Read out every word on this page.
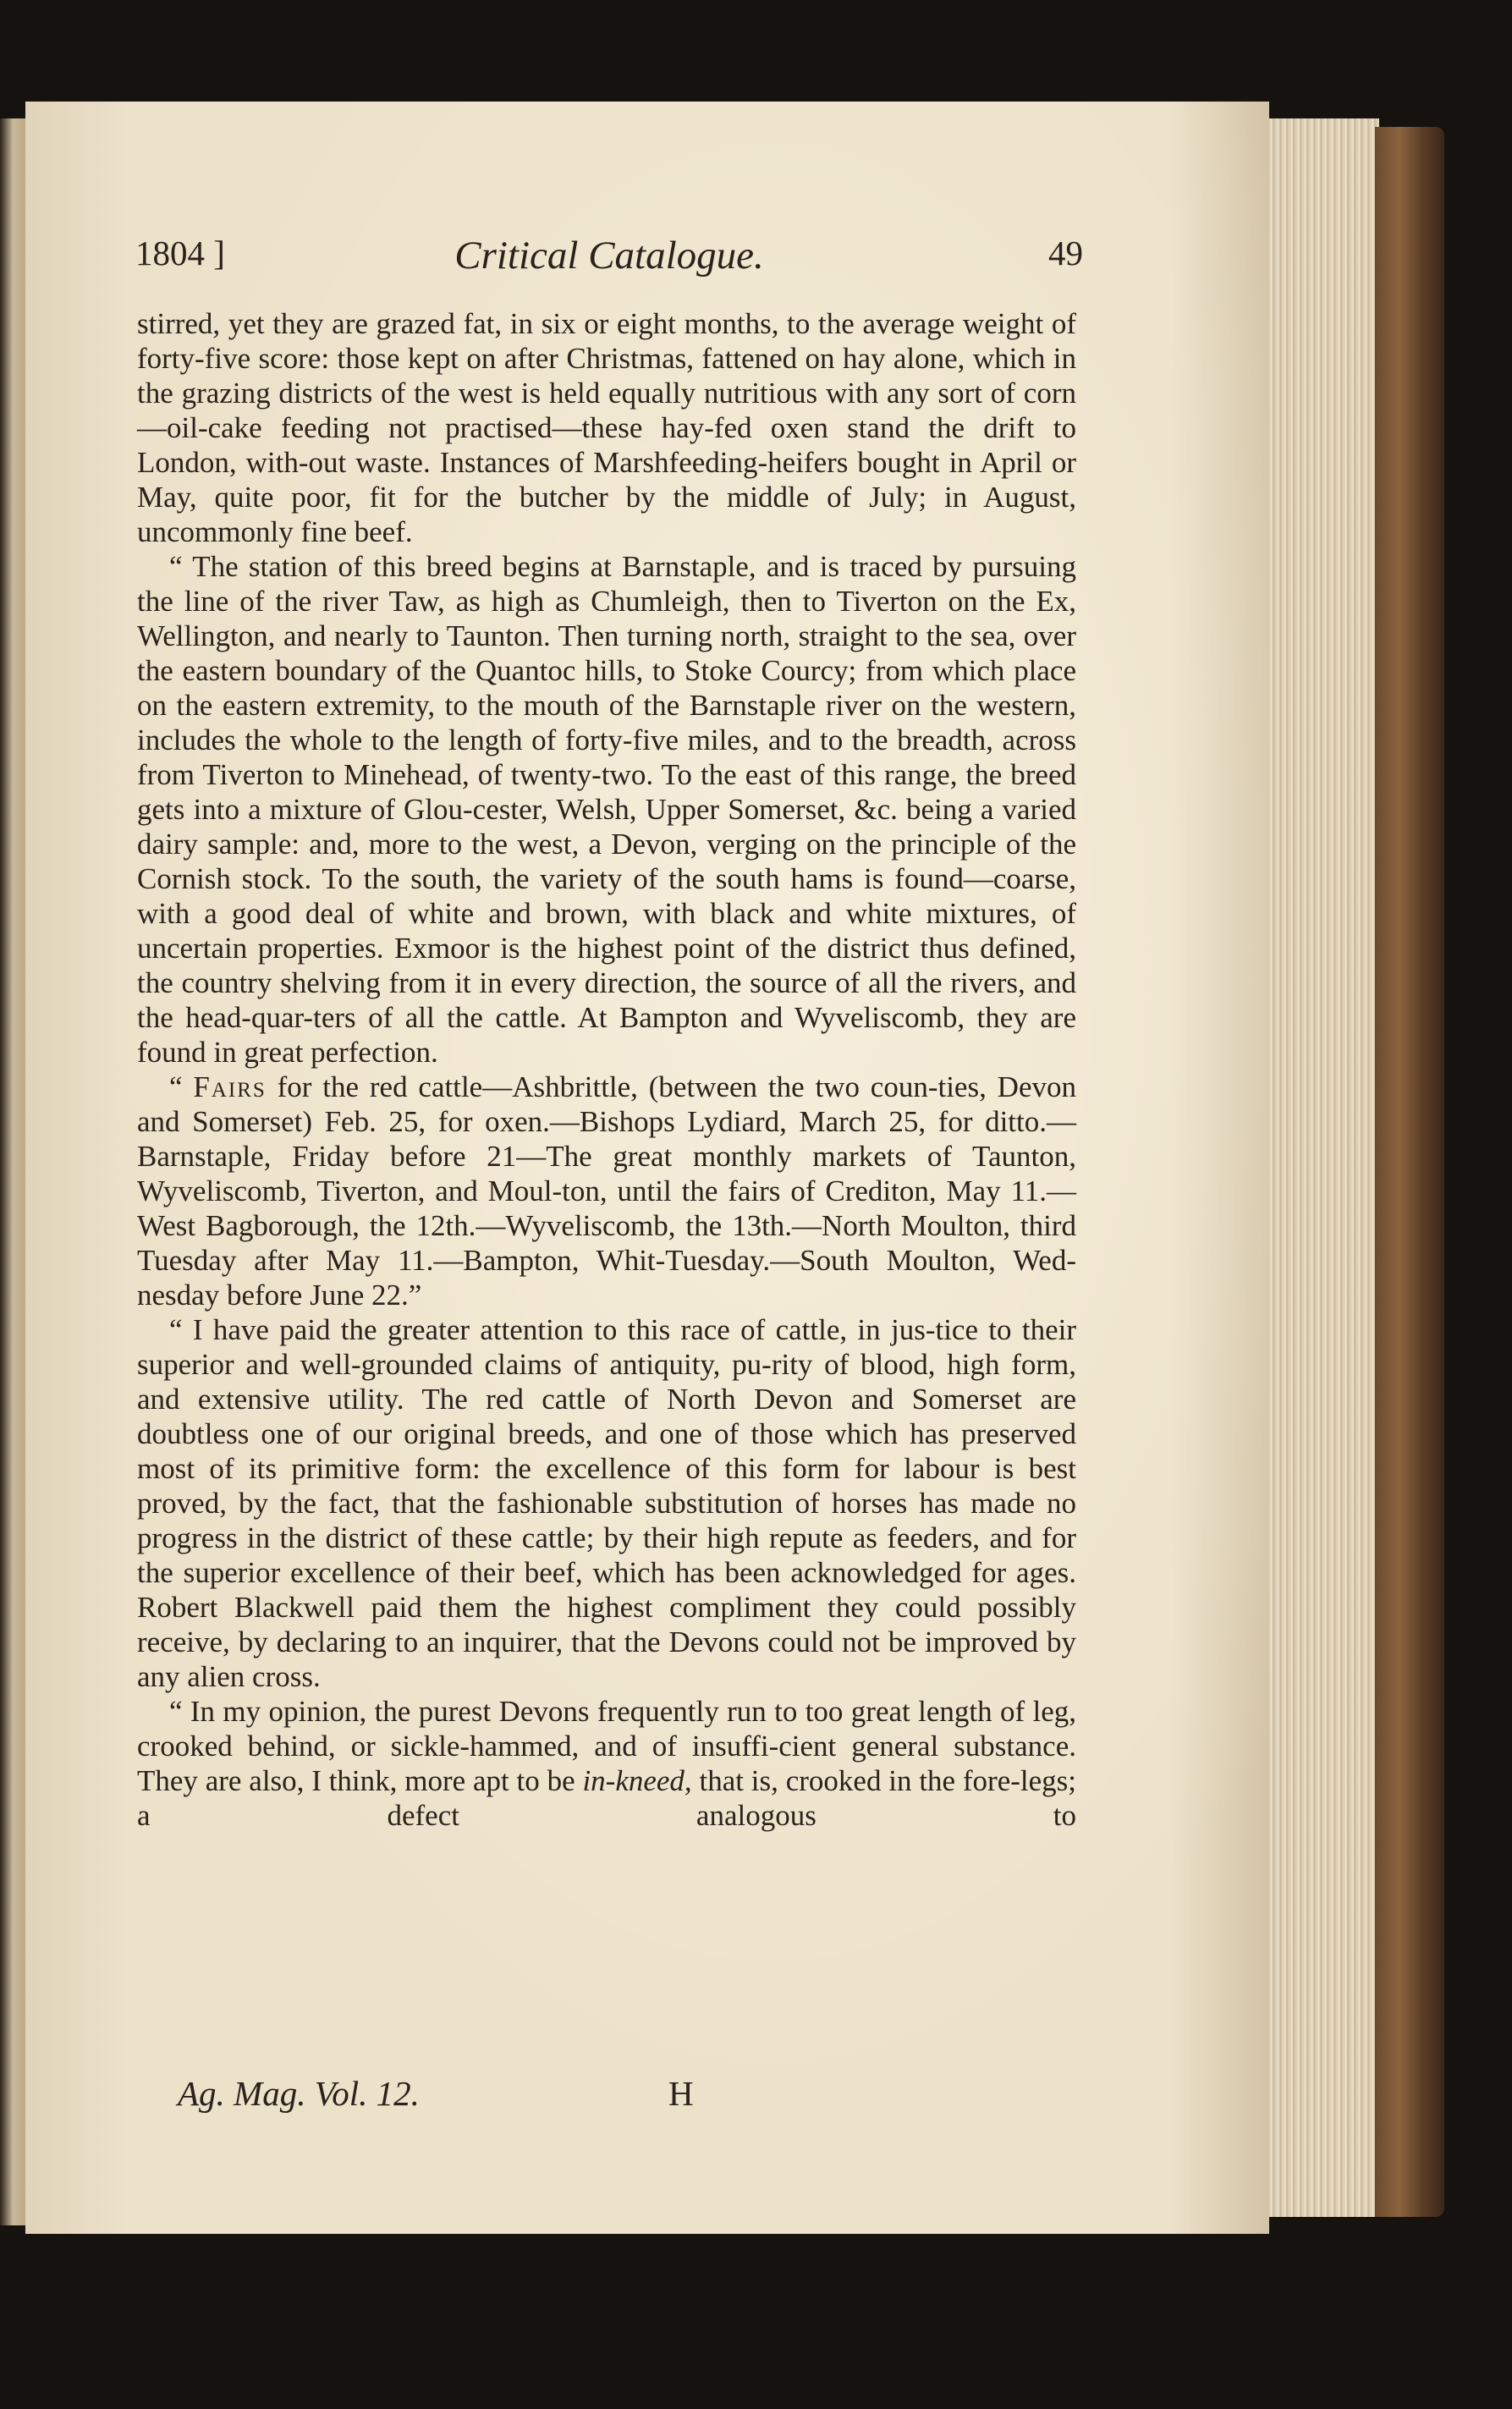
1804 ]	Critical Catalogue.	49

stirred, yet they are grazed fat, in six or eight months, to the average weight of forty-five score: those kept on after Christmas, fattened on hay alone, which in the grazing districts of the west is held equally nutritious with any sort of corn—oil-cake feeding not practised—these hay-fed oxen stand the drift to London, with-out waste. Instances of Marshfeeding-heifers bought in April or May, quite poor, fit for the butcher by the middle of July; in August, uncommonly fine beef.

“ The station of this breed begins at Barnstaple, and is traced by pursuing the line of the river Taw, as high as Chumleigh, then to Tiverton on the Ex, Wellington, and nearly to Taunton. Then turning north, straight to the sea, over the eastern boundary of the Quantoc hills, to Stoke Courcy; from which place on the eastern extremity, to the mouth of the Barnstaple river on the western, includes the whole to the length of forty-five miles, and to the breadth, across from Tiverton to Minehead, of twenty-two. To the east of this range, the breed gets into a mixture of Glou-cester, Welsh, Upper Somerset, &c. being a varied dairy sample: and, more to the west, a Devon, verging on the principle of the Cornish stock. To the south, the variety of the south hams is found—coarse, with a good deal of white and brown, with black and white mixtures, of uncertain properties. Exmoor is the highest point of the district thus defined, the country shelving from it in every direction, the source of all the rivers, and the head-quar-ters of all the cattle. At Bampton and Wyveliscomb, they are found in great perfection.

“ Fairs for the red cattle—Ashbrittle, (between the two coun-ties, Devon and Somerset) Feb. 25, for oxen.—Bishops Lydiard, March 25, for ditto.—Barnstaple, Friday before 21—The great monthly markets of Taunton, Wyveliscomb, Tiverton, and Moul-ton, until the fairs of Crediton, May 11.—West Bagborough, the 12th.—Wyveliscomb, the 13th.—North Moulton, third Tuesday after May 11.—Bampton, Whit-Tuesday.—South Moulton, Wed-nesday before June 22.”

“ I have paid the greater attention to this race of cattle, in jus-tice to their superior and well-grounded claims of antiquity, pu-rity of blood, high form, and extensive utility. The red cattle of North Devon and Somerset are doubtless one of our original breeds, and one of those which has preserved most of its primitive form: the excellence of this form for labour is best proved, by the fact, that the fashionable substitution of horses has made no progress in the district of these cattle; by their high repute as feeders, and for the superior excellence of their beef, which has been acknowledged for ages. Robert Blackwell paid them the highest compliment they could possibly receive, by declaring to an inquirer, that the Devons could not be improved by any alien cross.

“ In my opinion, the purest Devons frequently run to too great length of leg, crooked behind, or sickle-hammed, and of insuffi-cient general substance. They are also, I think, more apt to be in-kneed, that is, crooked in the fore-legs; a defect analogous to

Ag. Mag. Vol. 12.	H
